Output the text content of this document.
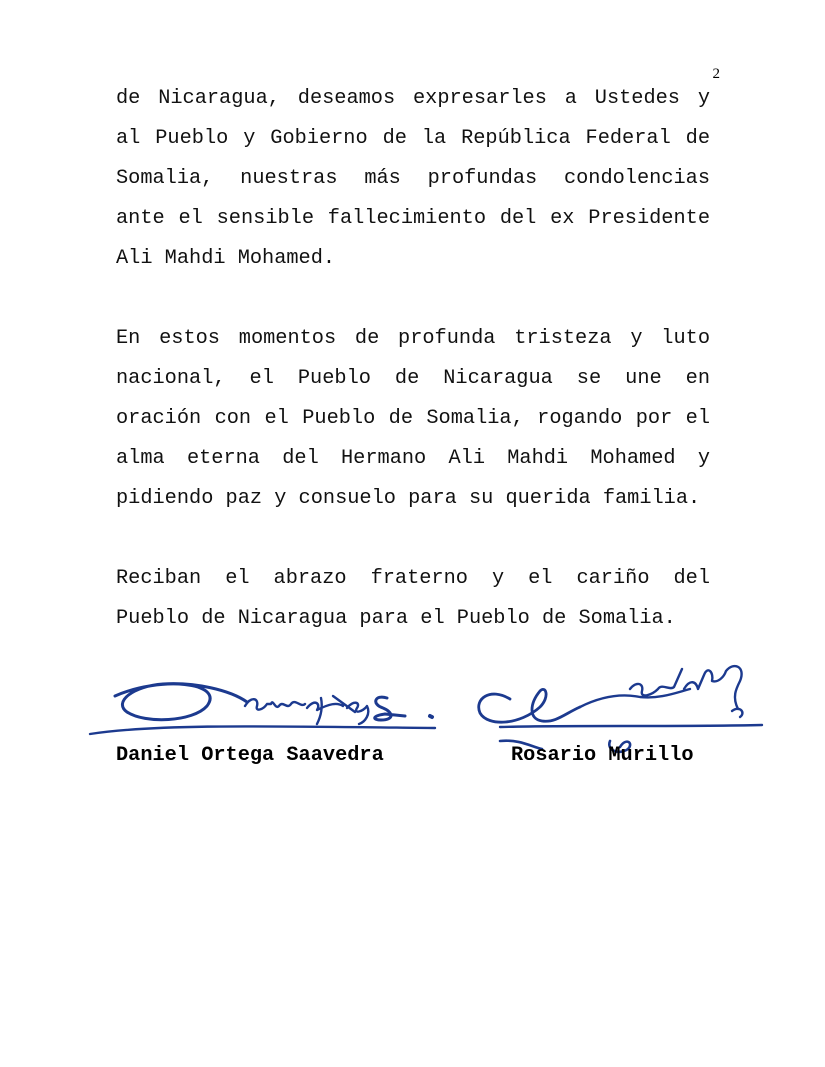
2

de Nicaragua, deseamos expresarles a Ustedes y al Pueblo y Gobierno de la República Federal de Somalia, nuestras más profundas condolencias ante el sensible fallecimiento del ex Presidente Ali Mahdi Mohamed.

En estos momentos de profunda tristeza y luto nacional, el Pueblo de Nicaragua se une en oración con el Pueblo de Somalia, rogando por el alma eterna del Hermano Ali Mahdi Mohamed y pidiendo paz y consuelo para su querida familia.

Reciban el abrazo fraterno y el cariño del Pueblo de Nicaragua para el Pueblo de Somalia.

Daniel Ortega Saavedra	Rosario Murillo
